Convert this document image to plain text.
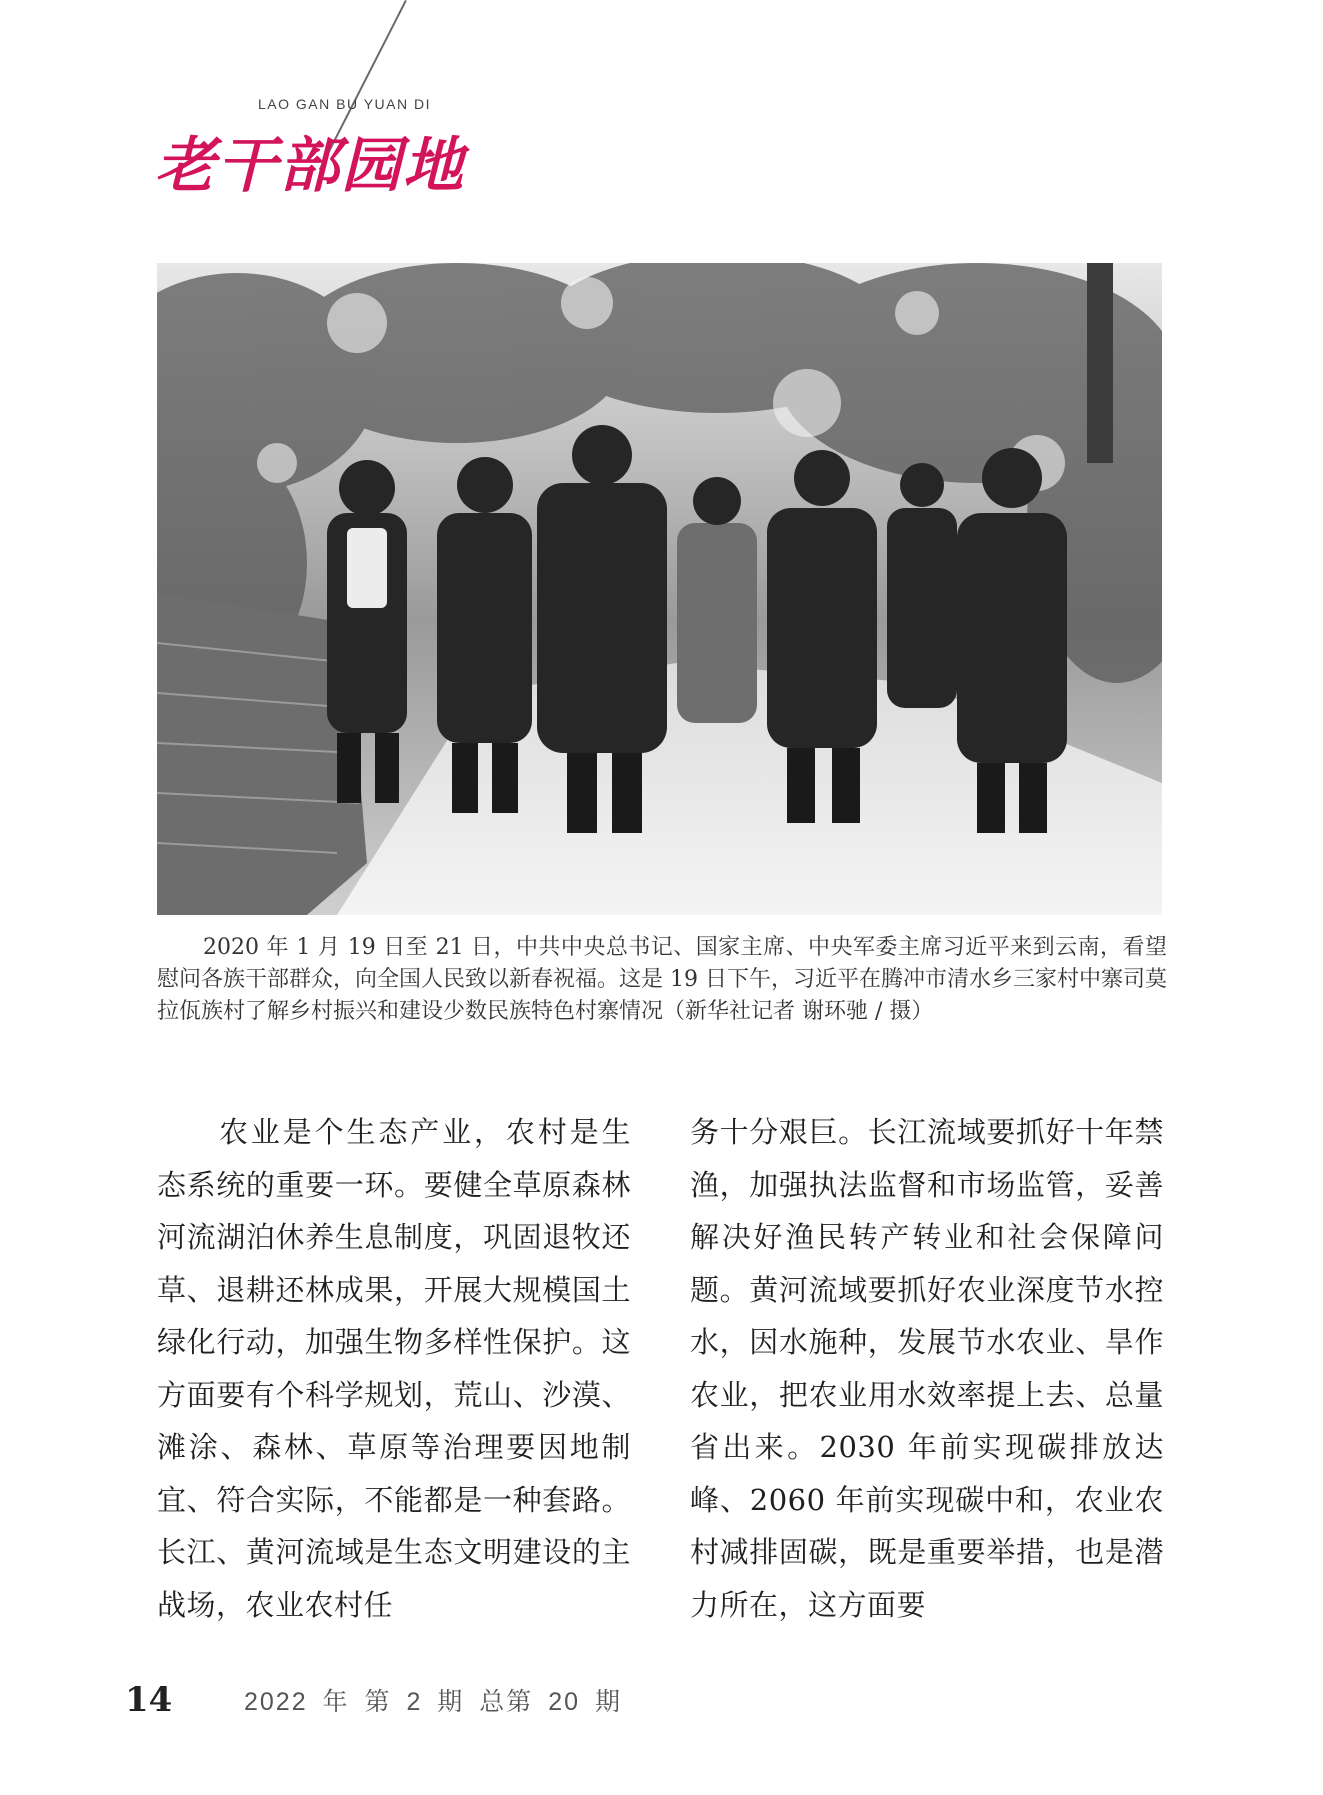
LAO GAN BU YUAN DI
老干部园地

2020 年 1 月 19 日至 21 日，中共中央总书记、国家主席、中央军委主席习近平来到云南，看望慰问各族干部群众，向全国人民致以新春祝福。这是 19 日下午，习近平在腾冲市清水乡三家村中寨司莫拉佤族村了解乡村振兴和建设少数民族特色村寨情况（新华社记者 谢环驰 / 摄）

农业是个生态产业，农村是生态系统的重要一环。要健全草原森林河流湖泊休养生息制度，巩固退牧还草、退耕还林成果，开展大规模国土绿化行动，加强生物多样性保护。这方面要有个科学规划，荒山、沙漠、滩涂、森林、草原等治理要因地制宜、符合实际，不能都是一种套路。长江、黄河流域是生态文明建设的主战场，农业农村任

务十分艰巨。长江流域要抓好十年禁渔，加强执法监督和市场监管，妥善解决好渔民转产转业和社会保障问题。黄河流域要抓好农业深度节水控水，因水施种，发展节水农业、旱作农业，把农业用水效率提上去、总量省出来。2030 年前实现碳排放达峰、2060 年前实现碳中和，农业农村减排固碳，既是重要举措，也是潜力所在，这方面要

14	2022 年 第 2 期 总第 20 期
